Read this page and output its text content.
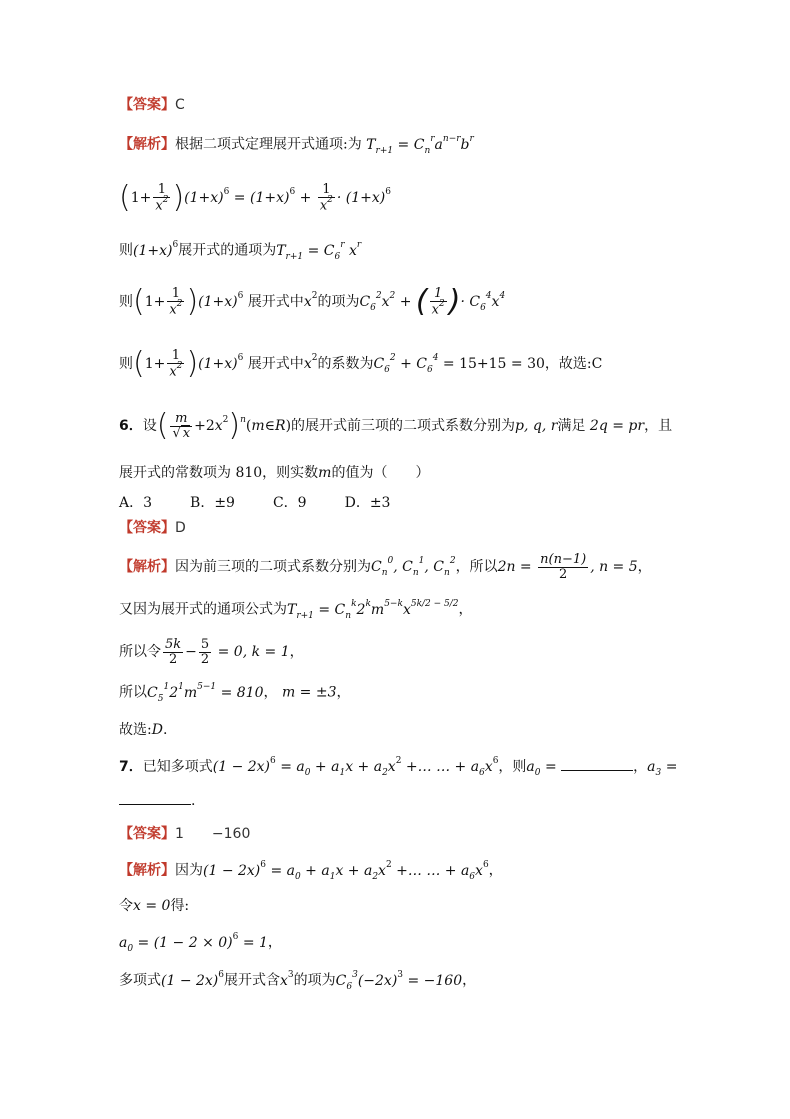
【答案】C
【解析】根据二项式定理展开式通项:为 $T_{r+1} = C_n^ra^{n-r}b^r$
$(1+ \frac{1}{x^2} )(1+x)^6 = (1+x)^6 + \frac{1}{x^2} \cdot (1+x)^6$
则$(1+x)^6$展开式的通项为$T_{r+1} = C_6^r$ $x^r$
则$(1+ \frac{1}{x^2} )(1+x)^6$ 展开式中$x^2$的项为$C_6^2x^2$ + ( $\frac{1}{x^2}$ )· $C_6^4x^4$
则$(1+ \frac{1}{x^2} )(1+x)^6$ 展开式中$x^2$的系数为$C_6^2 + C_6^4 = 15+15 = 30$，故选:C
6．设( $\frac{m}{√ x}$ $+2x^2)^n(m\in R)$的展开式前三项的二项式系数分别为p, q, r满足 2q = pr，且
展开式的常数项为 810，则实数m的值为（　　）
A．3	B．±9	C．9	D．±3
【答案】D
【解析】因为前三项的二项式系数分别为$C_n^0$, $C_n^1$, $C_n^2$，所以$2n = \frac{n(n-1)}{2}$ , n = 5，
又因为展开式的通项公式为$T_{r+1} = C_n^k2^km^{5-k}x^{5k/2 - 5/2}$，
所以令 $\frac{5k}{2} - \frac{5}{2} = 0$, k = 1，
所以$C_5^12^1m^{5-1} = 810$， m = ±3，
故选:D.
7．已知多项式$(1 - 2x)^6 = a_0 + a_1x + a_2x^2$ +… … + $a_6x^6$，则$a_0$ =	，$a_3$ =
.
【答案】1　　−160
【解析】因为$(1 - 2x)^6 = a_0 + a_1x + a_2x^2$ +… … + $a_6x^6$，
令x = 0得:
$a_0 = (1 - 2 \times 0)^6 = 1$，
多项式$(1 - 2x)^6$展开式含$x^3$的项为$C_6^3(-2x)^3 = -160$，
